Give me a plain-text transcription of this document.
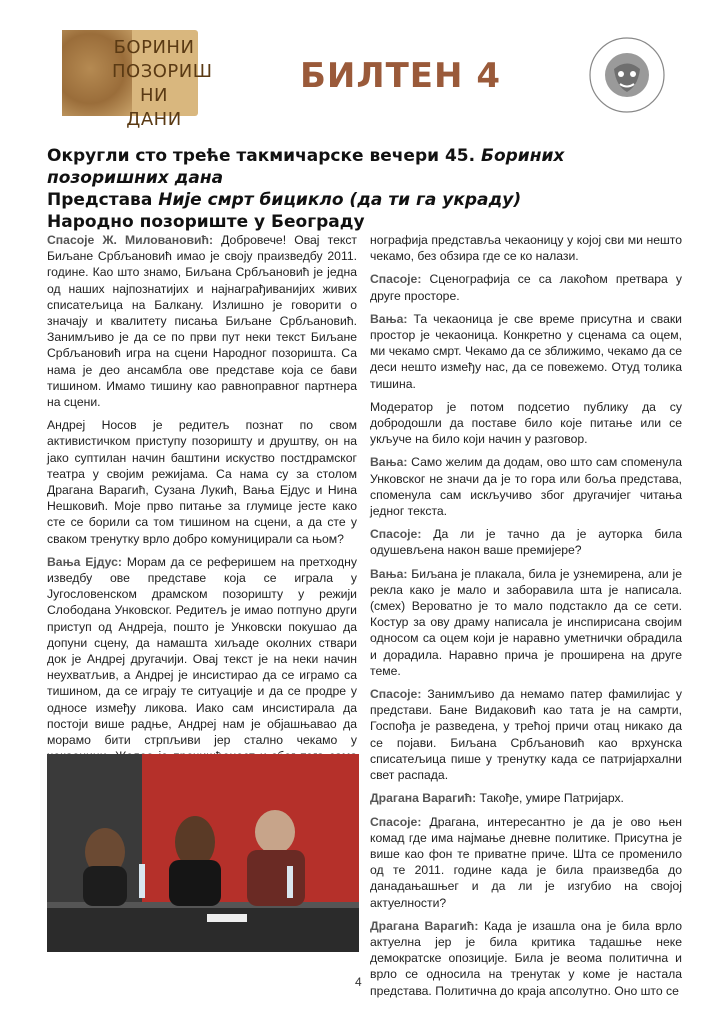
БОРИНИ
ПОЗОРИШ
НИ ДАНИ
БИЛТЕН 4

Округли сто треће такмичарске вечери 45. Бориних позоришних дана

Представа Није смрт бицикло (да ти га украду)

Народно позориште у Београду

Спасоје Ж. Миловановић: Добровече! Овај текст Биљане Србљановић имао је своју праизведбу 2011. године. Као што знамо, Биљана Србљановић је једна од наших најпознатијих и најнаграђиванијих живих списатељица на Балкану. Излишно је говорити о значају и квалитету писања Биљане Србљановић. Занимљиво је да се по први пут неки текст Биљане Србљановић игра на сцени Народног позоришта. Са нама је део ансамбла ове представе која се бави тишином. Имамо тишину као равноправног партнера на сцени.

Андреј Носов је редитељ познат по свом активистичком приступу позоришту и друштву, он на јако суптилан начин баштини искуство постдрамског театра у својим режијама. Са нама су за столом Драгана Варагић, Сузана Лукић, Вања Ејдус и Нина Нешковић. Моје прво питање за глумице јесте како сте се борили са том тишином на сцени, а да сте у сваком тренутку врло добро комуницирали са њом?

Вања Ејдус: Морам да се реферишем на претходну изведбу ове представе која се играла у Југословенском драмском позоришту у режији Слободана Унковског. Редитељ је имао потпуно други приступ од Андреја, пошто је Унковски покушао да допуни сцену, да намашта хиљаде околних ствари док је Андреј другачији. Овај текст је на неки начин неухватљив, а Андреј је инсистирао да се играмо са тишином, да се играју те ситуације и да се продре у односе између ликова. Иако сам инсистирала да постоји више радње, Андреј нам је објашњавао да морамо бити стрпљиви јер стално чекамо у

нографија представља чекаоницу у којој сви ми нешто чекамо, без обзира где се ко налази.

Спасоје: Сценографија се са лакоћом претвара у друге просторе.

Вања: Та чекаоница је све време присутна и сваки простор је чекаоница. Конкретно у сценама са оцем, ми чекамо смрт. Чекамо да се зближимо, чекамо да се деси нешто између нас, да се повежемо. Отуд толика тишина.

Модератор је потом подсетио публику да су добродошли да поставе било које питање или се укључе на било који начин у разговор.

Вања: Само желим да додам, ово што сам споменула Унковског не значи да је то гора или боља представа, споменула сам искључиво због другачијег читања једног текста.

Спасоје: Да ли је тачно да је ауторка била одушевљена након ваше премијере?

Вања: Биљана је плакала, била је узнемирена, али је рекла како је мало и заборавила шта је написала. (смех) Вероватно је то мало подстакло да се сети. Костур за ову драму написала је инспирисана својим односом са оцем који је наравно уметнички обрадила и дорадила. Наравно прича је проширена на друге теме.

Спасоје: Занимљиво да немамо патер фамилијас у представи. Бане Видаковић као тата је на самрти, Госпођа је разведена, у трећој причи отац никако да се појави. Биљана Србљановић као врхунска списатељица пише у тренутку када се патријархални свет распада.

Драгана Варагић: Такође, умире Патријарх.

Спасоје: Драгана, интересантно је да је ово њен комад где има најмање дневне политике. Присутна је више као фон те приватне приче. Шта се променило од те 2011. године када је била праизведба до данадањашњег и да ли је изгубио на својој актуелности?

Драгана Варагић: Када је изашла она је била врло актуелна јер је била критика тадашње неке демократске опозиције. Била је веома политична и врло се односила на тренутак у коме је настала представа. Политична до краја апсолутно. Оно што се

4
